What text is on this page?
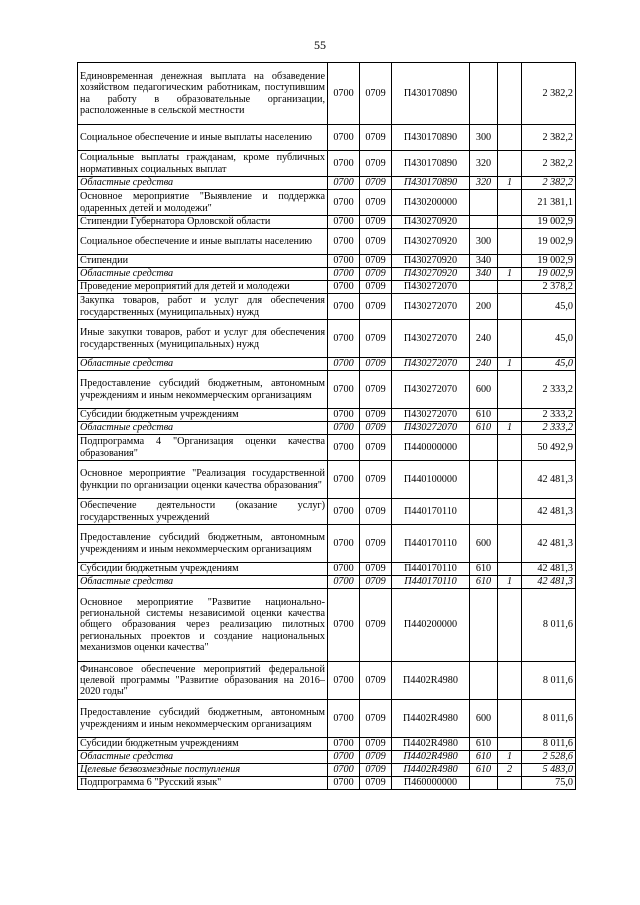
55
Единовременная денежная выплата на обзаведение хозяйством педагогическим работникам, поступившим на работу в образовательные организации, расположенные в сельской местности	0700	0709	П430170890			2 382,2
Социальное обеспечение и иные выплаты населению	0700	0709	П430170890	300		2 382,2
Социальные выплаты гражданам, кроме публичных нормативных социальных выплат	0700	0709	П430170890	320		2 382,2
Областные средства	0700	0709	П430170890	320	1	2 382,2
Основное мероприятие "Выявление и поддержка одаренных детей и молодежи"	0700	0709	П430200000			21 381,1
Стипендии Губернатора Орловской области	0700	0709	П430270920			19 002,9
Социальное обеспечение и иные выплаты населению	0700	0709	П430270920	300		19 002,9
Стипендии	0700	0709	П430270920	340		19 002,9
Областные средства	0700	0709	П430270920	340	1	19 002,9
Проведение мероприятий для детей и молодежи	0700	0709	П430272070			2 378,2
Закупка товаров, работ и услуг для обеспечения государственных (муниципальных) нужд	0700	0709	П430272070	200		45,0
Иные закупки товаров, работ и услуг для обеспечения государственных (муниципальных) нужд	0700	0709	П430272070	240		45,0
Областные средства	0700	0709	П430272070	240	1	45,0
Предоставление субсидий бюджетным, автономным учреждениям и иным некоммерческим организациям	0700	0709	П430272070	600		2 333,2
Субсидии бюджетным учреждениям	0700	0709	П430272070	610		2 333,2
Областные средства	0700	0709	П430272070	610	1	2 333,2
Подпрограмма 4 "Организация оценки качества образования"	0700	0709	П440000000			50 492,9
Основное мероприятие "Реализация государственной функции по организации оценки качества образования"	0700	0709	П440100000			42 481,3
Обеспечение деятельности (оказание услуг) государственных учреждений	0700	0709	П440170110			42 481,3
Предоставление субсидий бюджетным, автономным учреждениям и иным некоммерческим организациям	0700	0709	П440170110	600		42 481,3
Субсидии бюджетным учреждениям	0700	0709	П440170110	610		42 481,3
Областные средства	0700	0709	П440170110	610	1	42 481,3
Основное мероприятие "Развитие национально-региональной системы независимой оценки качества общего образования через реализацию пилотных региональных проектов и создание национальных механизмов оценки качества"	0700	0709	П440200000			8 011,6
Финансовое обеспечение мероприятий федеральной целевой программы "Развитие образования на 2016–2020 годы"	0700	0709	П4402R4980			8 011,6
Предоставление субсидий бюджетным, автономным учреждениям и иным некоммерческим организациям	0700	0709	П4402R4980	600		8 011,6
Субсидии бюджетным учреждениям	0700	0709	П4402R4980	610		8 011,6
Областные средства	0700	0709	П4402R4980	610	1	2 528,6
Целевые безвозмездные поступления	0700	0709	П4402R4980	610	2	5 483,0
Подпрограмма 6 "Русский язык"	0700	0709	П460000000			75,0
